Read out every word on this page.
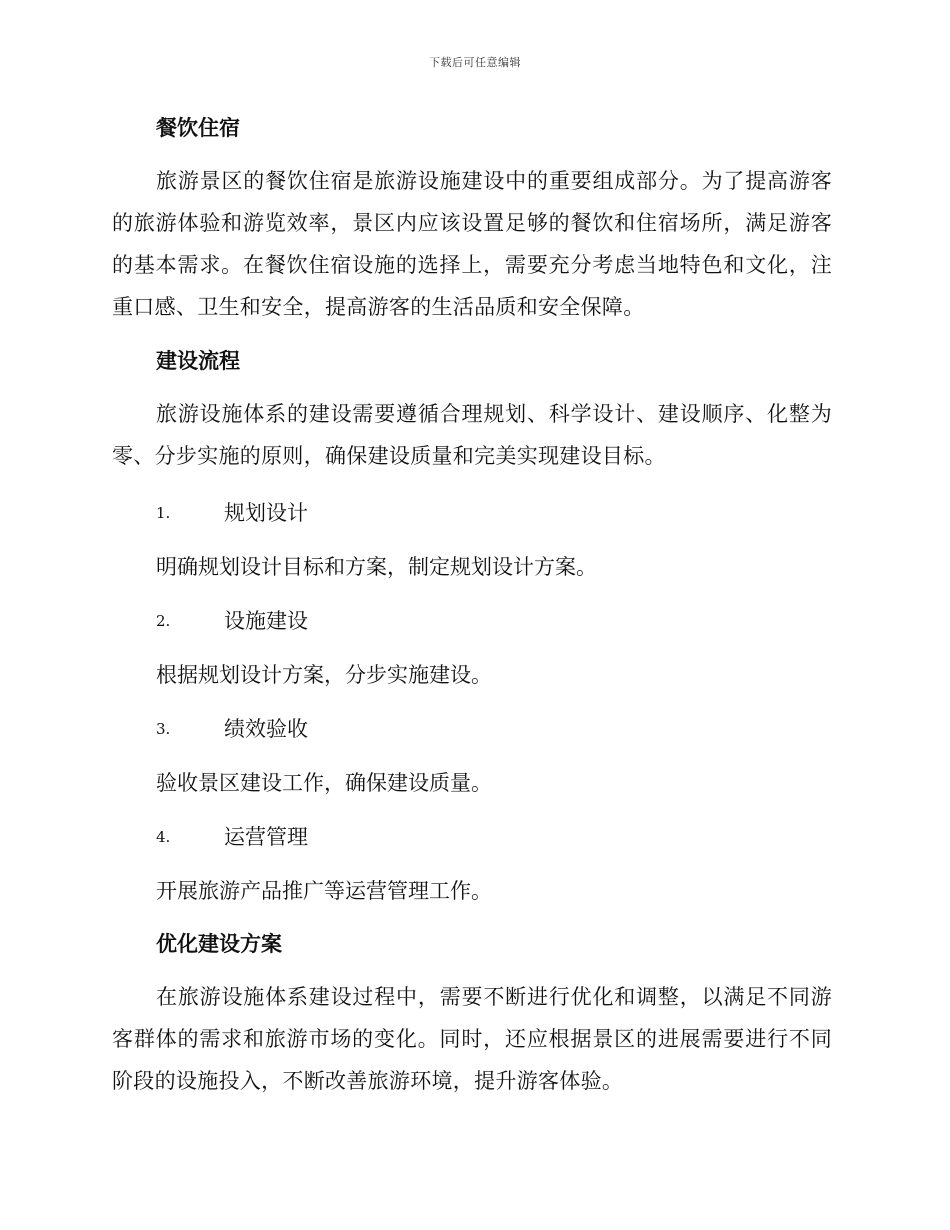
下载后可任意编辑
餐饮住宿

旅游景区的餐饮住宿是旅游设施建设中的重要组成部分。为了提高游客的旅游体验和游览效率，景区内应该设置足够的餐饮和住宿场所，满足游客的基本需求。在餐饮住宿设施的选择上，需要充分考虑当地特色和文化，注重口感、卫生和安全，提高游客的生活品质和安全保障。

建设流程

旅游设施体系的建设需要遵循合理规划、科学设计、建设顺序、化整为零、分步实施的原则，确保建设质量和完美实现建设目标。

1.	规划设计

明确规划设计目标和方案，制定规划设计方案。

2.	设施建设

根据规划设计方案，分步实施建设。

3.	绩效验收

验收景区建设工作，确保建设质量。

4.	运营管理

开展旅游产品推广等运营管理工作。

优化建设方案

在旅游设施体系建设过程中，需要不断进行优化和调整，以满足不同游客群体的需求和旅游市场的变化。同时，还应根据景区的进展需要进行不同阶段的设施投入，不断改善旅游环境，提升游客体验。
